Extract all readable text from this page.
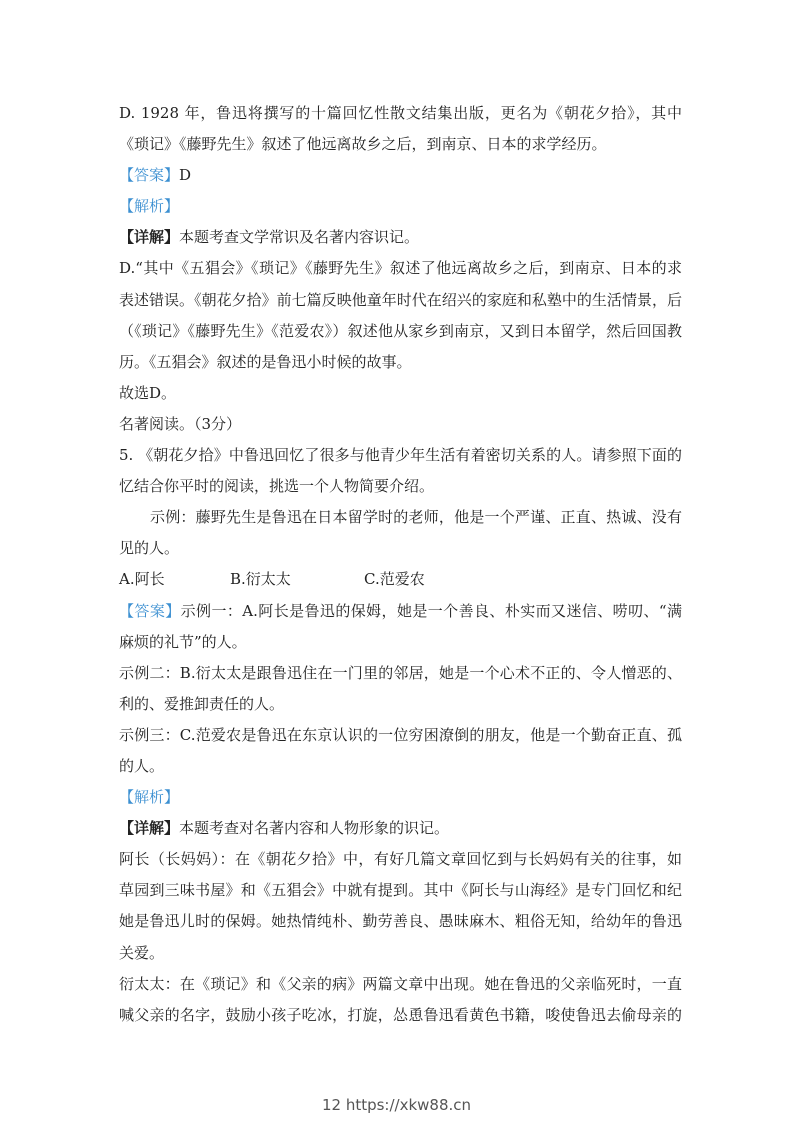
D. 1928 年，鲁迅将撰写的十篇回忆性散文结集出版，更名为《朝花夕拾》，其中
《琐记》《藤野先生》叙述了他远离故乡之后，到南京、日本的求学经历。
【答案】D
【解析】
【详解】本题考查文学常识及名著内容识记。
D.“其中《五猖会》《琐记》《藤野先生》叙述了他远离故乡之后，到南京、日本的求
表述错误。《朝花夕拾》前七篇反映他童年时代在绍兴的家庭和私塾中的生活情景，后
（《琐记》《藤野先生》《范爱农》）叙述他从家乡到南京，又到日本留学，然后回国教
历。《五猖会》叙述的是鲁迅小时候的故事。
故选D。
名著阅读。（3分）
5. 《朝花夕拾》中鲁迅回忆了很多与他青少年生活有着密切关系的人。请参照下面的
忆结合你平时的阅读，挑选一个人物简要介绍。
示例：藤野先生是鲁迅在日本留学时的老师，他是一个严谨、正直、热诚、没有
见的人。
A.阿长	B.衍太太	C.范爱农
【答案】示例一：A.阿长是鲁迅的保姆，她是一个善良、朴实而又迷信、唠叨、“满
麻烦的礼节”的人。
示例二：B.衍太太是跟鲁迅住在一门里的邻居，她是一个心术不正的、令人憎恶的、
利的、爱推卸责任的人。
示例三：C.范爱农是鲁迅在东京认识的一位穷困潦倒的朋友，他是一个勤奋正直、孤
的人。
【解析】
【详解】本题考查对名著内容和人物形象的识记。
阿长（长妈妈）：在《朝花夕拾》中，有好几篇文章回忆到与长妈妈有关的往事，如
草园到三味书屋》和《五猖会》中就有提到。其中《阿长与山海经》是专门回忆和纪
她是鲁迅儿时的保姆。她热情纯朴、勤劳善良、愚昧麻木、粗俗无知，给幼年的鲁迅
关爱。
衍太太：在《琐记》和《父亲的病》两篇文章中出现。她在鲁迅的父亲临死时，一直
喊父亲的名字，鼓励小孩子吃冰，打旋，怂恿鲁迅看黄色书籍，唆使鲁迅去偷母亲的
12 https://xkw88.cn
